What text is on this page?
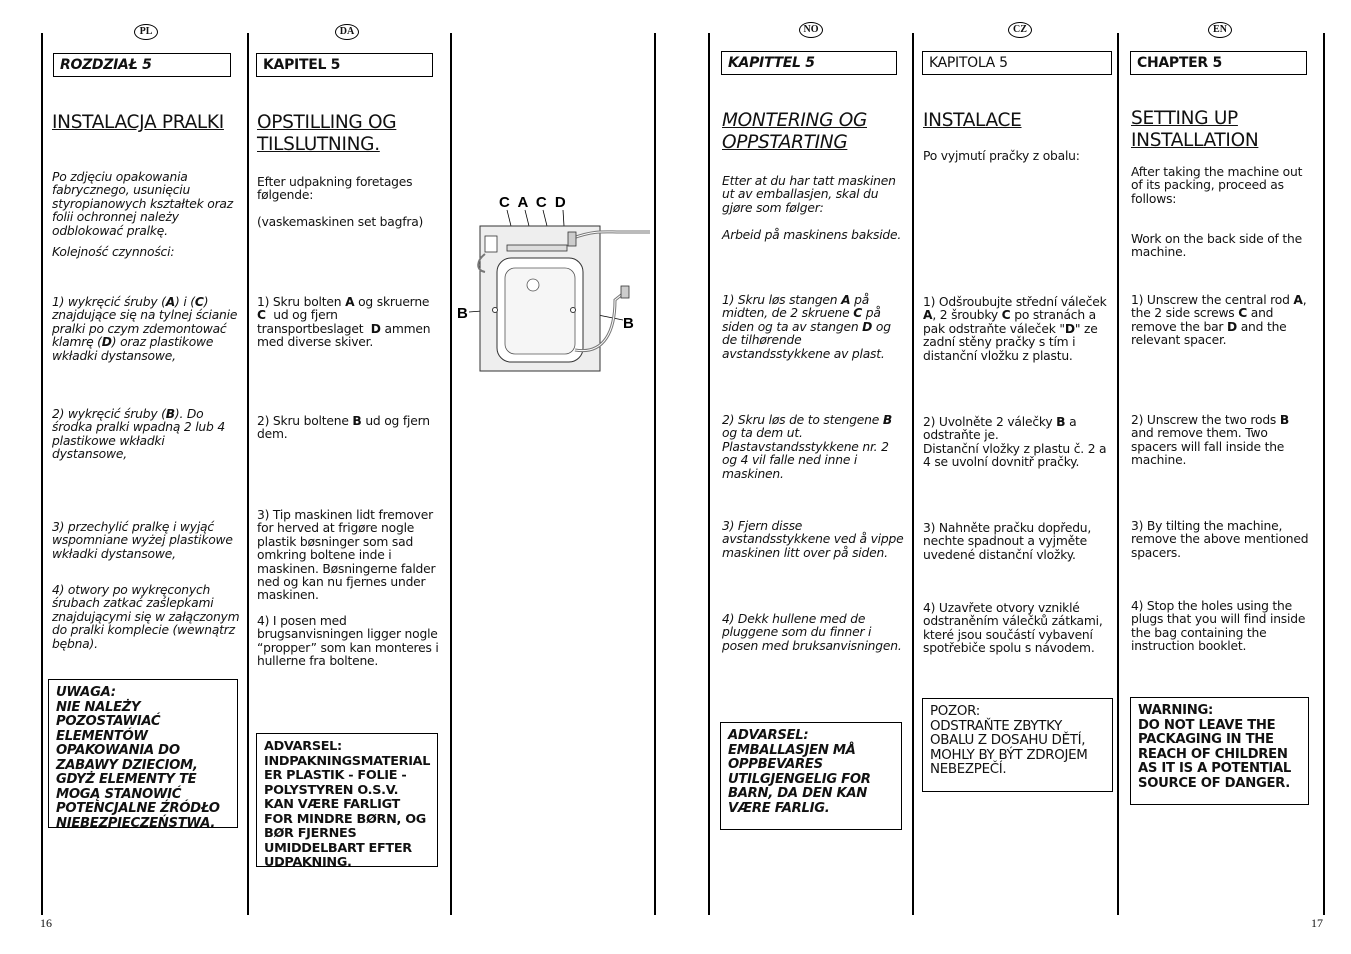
PL	DA	NO	CZ	EN
ROZDZIAŁ 5
INSTALACJA PRALKI
Po zdjęciu opakowania fabrycznego, usunięciu styropianowych kształtek oraz folii ochronnej należy odblokować pralkę.
Kolejność czynności:
1) wykręcić śruby (A) i (C) znajdujące się na tylnej ścianie pralki po czym zdemontować klamrę (D) oraz plastikowe wkładki dystansowe,
2) wykręcić śruby (B). Do środka pralki wpadną 2 lub 4 plastikowe wkładki dystansowe,
3) przechylić pralkę i wyjąć wspomniane wyżej plastikowe wkładki dystansowe,
4) otwory po wykręconych śrubach zatkać zaślepkami znajdującymi się w załączonym do pralki komplecie (wewnątrz bębna).
UWAGA:
NIE NALEŻY POZOSTAWIAĆ ELEMENTÓW OPAKOWANIA DO ZABAWY DZIECIOM, GDYŻ ELEMENTY TE MOGĄ STANOWIĆ POTENCJALNE ŹRÓDŁO NIEBEZPIECZEŃSTWA.
KAPITEL 5
OPSTILLING OG TILSLUTNING.
Efter udpakning foretages følgende:
(vaskemaskinen set bagfra)
1) Skru bolten A og skruerne C  ud og fjern transportbeslaget  D ammen med diverse skiver.
2) Skru boltene B ud og fjern dem.
3) Tip maskinen lidt fremover for herved at frigøre nogle plastik bøsninger som sad omkring boltene inde i maskinen. Bøsningerne falder ned og kan nu fjernes under maskinen.
4) I posen med brugsanvisningen ligger nogle “propper” som kan monteres i hullerne fra boltene.
ADVARSEL:
INDPAKNINGSMATERIAL ER PLASTIK - FOLIE - POLYSTYREN O.S.V. KAN VÆRE FARLIGT FOR MINDRE BØRN, OG BØR FJERNES UMIDDELBART EFTER UDPAKNING.
C A C D
B
B
KAPITTEL 5
MONTERING OG OPPSTARTING
Etter at du har tatt maskinen ut av emballasjen, skal du gjøre som følger:
Arbeid på maskinens bakside.
1) Skru løs stangen A på midten, de 2 skruene C på siden og ta av stangen D og de tilhørende avstandsstykkene av plast.
2) Skru løs de to stengene B og ta dem ut. Plastavstandsstykkene nr. 2 og 4 vil falle ned inne i maskinen.
3) Fjern disse avstandsstykkene ved å vippe maskinen litt over på siden.
4) Dekk hullene med de pluggene som du finner i posen med bruksanvisningen.
ADVARSEL:
EMBALLASJEN MÅ OPPBEVARES UTILGJENGELIG FOR BARN, DA DEN KAN VÆRE FARLIG.
KAPITOLA 5
INSTALACE
Po vyjmutí pračky z obalu:
1) Odšroubujte střední váleček A, 2 šroubky C po stranách a pak odstraňte váleček "D" ze zadní stěny pračky s tím i distanční vložku z plastu.
2) Uvolněte 2 válečky B a odstraňte je.
Distanční vložky z plastu č. 2 a 4 se uvolní dovnitř pračky.
3) Nahněte pračku dopředu, nechte spadnout a vyjměte uvedené distanční vložky.
4) Uzavřete otvory vzniklé odstraněním válečků zátkami, které jsou součástí vybavení spotřebiče spolu s návodem.
POZOR:
ODSTRAŇTE ZBYTKY OBALU Z DOSAHU DĚTÍ, MOHLY BY BÝT ZDROJEM NEBEZPEČÍ.
CHAPTER 5
SETTING UP INSTALLATION
After taking the machine out of its packing, proceed as follows:
Work on the back side of the machine.
1) Unscrew the central rod A, the 2 side screws C and remove the bar D and the relevant spacer.
2) Unscrew the two rods B and remove them. Two spacers will fall inside the machine.
3) By tilting the machine, remove the above mentioned spacers.
4) Stop the holes using the plugs that you will find inside the bag containing the instruction booklet.
WARNING:
DO NOT LEAVE THE PACKAGING IN THE REACH OF CHILDREN AS IT IS A POTENTIAL SOURCE OF DANGER.
16	17
